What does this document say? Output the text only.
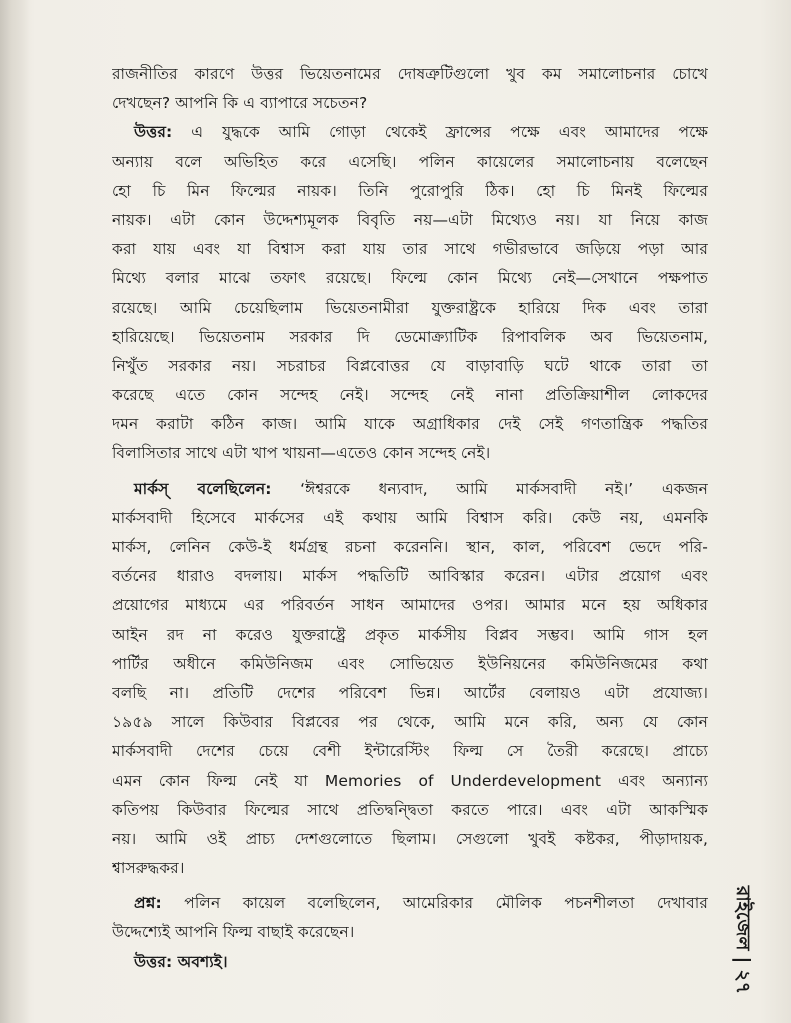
রাজনীতির কারণে উত্তর ভিয়েতনামের দোষত্রুটিগুলো খুব কম সমালোচনার চোখে
দেখছেন? আপনি কি এ ব্যাপারে সচেতন?
উত্তর: এ যুদ্ধকে আমি গোড়া থেকেই ফ্রান্সের পক্ষে এবং আমাদের পক্ষে
অন্যায় বলে অভিহিত করে এসেছি। পলিন কায়েলের সমালোচনায় বলেছেন
হো চি মিন ফিল্মের নায়ক। তিনি পুরোপুরি ঠিক। হো চি মিনই ফিল্মের
নায়ক। এটা কোন উদ্দেশ্যমূলক বিবৃতি নয়—এটা মিথ্যেও নয়। যা নিয়ে কাজ
করা যায় এবং যা বিশ্বাস করা যায় তার সাথে গভীরভাবে জড়িয়ে পড়া আর
মিথ্যে বলার মাঝে তফাৎ রয়েছে। ফিল্মে কোন মিথ্যে নেই—সেখানে পক্ষপাত
রয়েছে। আমি চেয়েছিলাম ভিয়েতনামীরা যুক্তরাষ্ট্রকে হারিয়ে দিক এবং তারা
হারিয়েছে। ভিয়েতনাম সরকার দি ডেমোক্র্যাটিক রিপাবলিক অব ভিয়েতনাম,
নিখুঁত সরকার নয়। সচরাচর বিপ্লবোত্তর যে বাড়াবাড়ি ঘটে থাকে তারা তা
করেছে এতে কোন সন্দেহ নেই। সন্দেহ নেই নানা প্রতিক্রিয়াশীল লোকদের
দমন করাটা কঠিন কাজ। আমি যাকে অগ্রাধিকার দেই সেই গণতান্ত্রিক পদ্ধতির
বিলাসিতার সাথে এটা খাপ খায়না—এতেও কোন সন্দেহ নেই।
মার্কস্ বলেছিলেন: ‘ঈশ্বরকে ধন্যবাদ, আমি মার্কসবাদী নই।’ একজন
মার্কসবাদী হিসেবে মার্কসের এই কথায় আমি বিশ্বাস করি। কেউ নয়, এমনকি
মার্কস, লেনিন কেউ-ই ধর্মগ্রন্থ রচনা করেননি। স্থান, কাল, পরিবেশ ভেদে পরি-
বর্তনের ধারাও বদলায়। মার্কস পদ্ধতিটি আবিস্কার করেন। এটার প্রয়োগ এবং
প্রয়োগের মাধ্যমে এর পরিবর্তন সাধন আমাদের ওপর। আমার মনে হয় অধিকার
আইন রদ না করেও যুক্তরাষ্ট্রে প্রকৃত মার্কসীয় বিপ্লব সম্ভব। আমি গাস হল
পার্টির অধীনে কমিউনিজম এবং সোভিয়েত ইউনিয়নের কমিউনিজমের কথা
বলছি না। প্রতিটি দেশের পরিবেশ ভিন্ন। আর্টের বেলায়ও এটা প্রযোজ্য।
১৯৫৯ সালে কিউবার বিপ্লবের পর থেকে, আমি মনে করি, অন্য যে কোন
মার্কসবাদী দেশের চেয়ে বেশী ইন্টারেস্টিং ফিল্ম সে তৈরী করেছে। প্রাচ্যে
এমন কোন ফিল্ম নেই যা Memories of Underdevelopment এবং অন্যান্য
কতিপয় কিউবার ফিল্মের সাথে প্রতিদ্বন্দ্বিতা করতে পারে। এবং এটা আকস্মিক
নয়। আমি ওই প্রাচ্য দেশগুলোতে ছিলাম। সেগুলো খুবই কষ্টকর, পীড়াদায়ক,
শ্বাসরুদ্ধকর।
প্রশ্ন: পলিন কায়েল বলেছিলেন, আমেরিকার মৌলিক পচনশীলতা দেখাবার
উদ্দেশ্যেই আপনি ফিল্ম বাছাই করেছেন।
উত্তর: অবশ্যই।
রাইজেল|২৭
